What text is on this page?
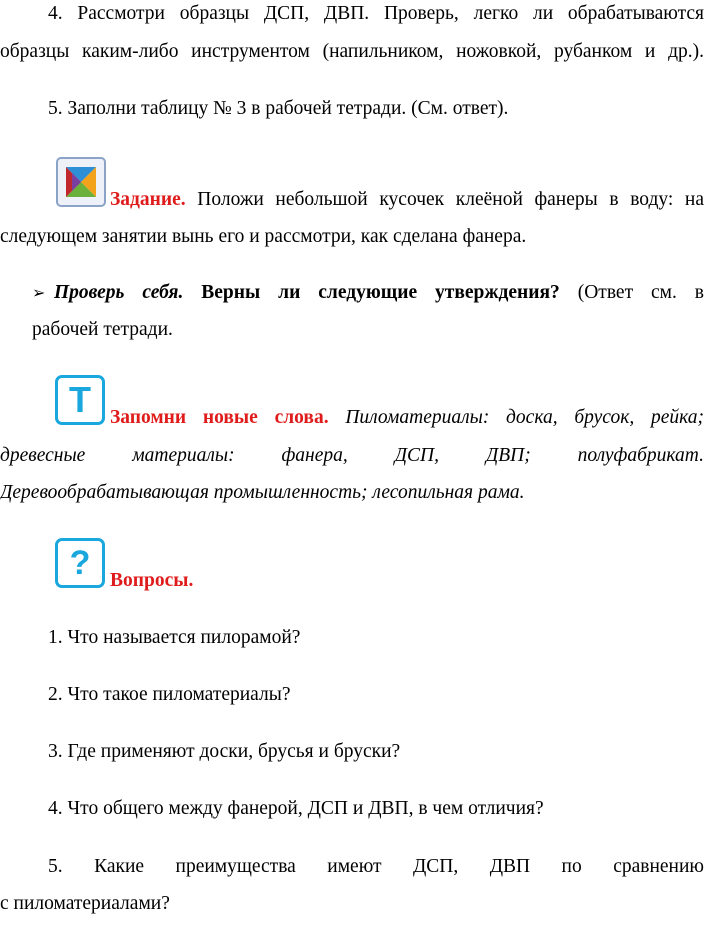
4. Рассмотри образцы ДСП, ДВП. Проверь, легко ли обрабатываются

образцы каким-либо инструментом (напильником, ножовкой, рубанком и др.).

5. Заполни таблицу № 3 в рабочей тетради. (См. ответ).

Задание. Положи небольшой кусочек клеёной фанеры в воду: на

следующем занятии вынь его и рассмотри, как сделана фанера.

➢ Проверь себя. Верны ли следующие утверждения? (Ответ см. в

рабочей тетради.

T Запомни новые слова. Пиломатериалы: доска, брусок, рейка;

древесные материалы: фанера, ДСП, ДВП; полуфабрикат.

Деревообрабатывающая промышленность; лесопильная рама.

?	Вопросы.

1. Что называется пилорамой?

2. Что такое пиломатериалы?

3. Где применяют доски, брусья и бруски?

4. Что общего между фанерой, ДСП и ДВП, в чем отличия?

5. Какие преимущества имеют ДСП, ДВП по сравнению

с пиломатериалами?
